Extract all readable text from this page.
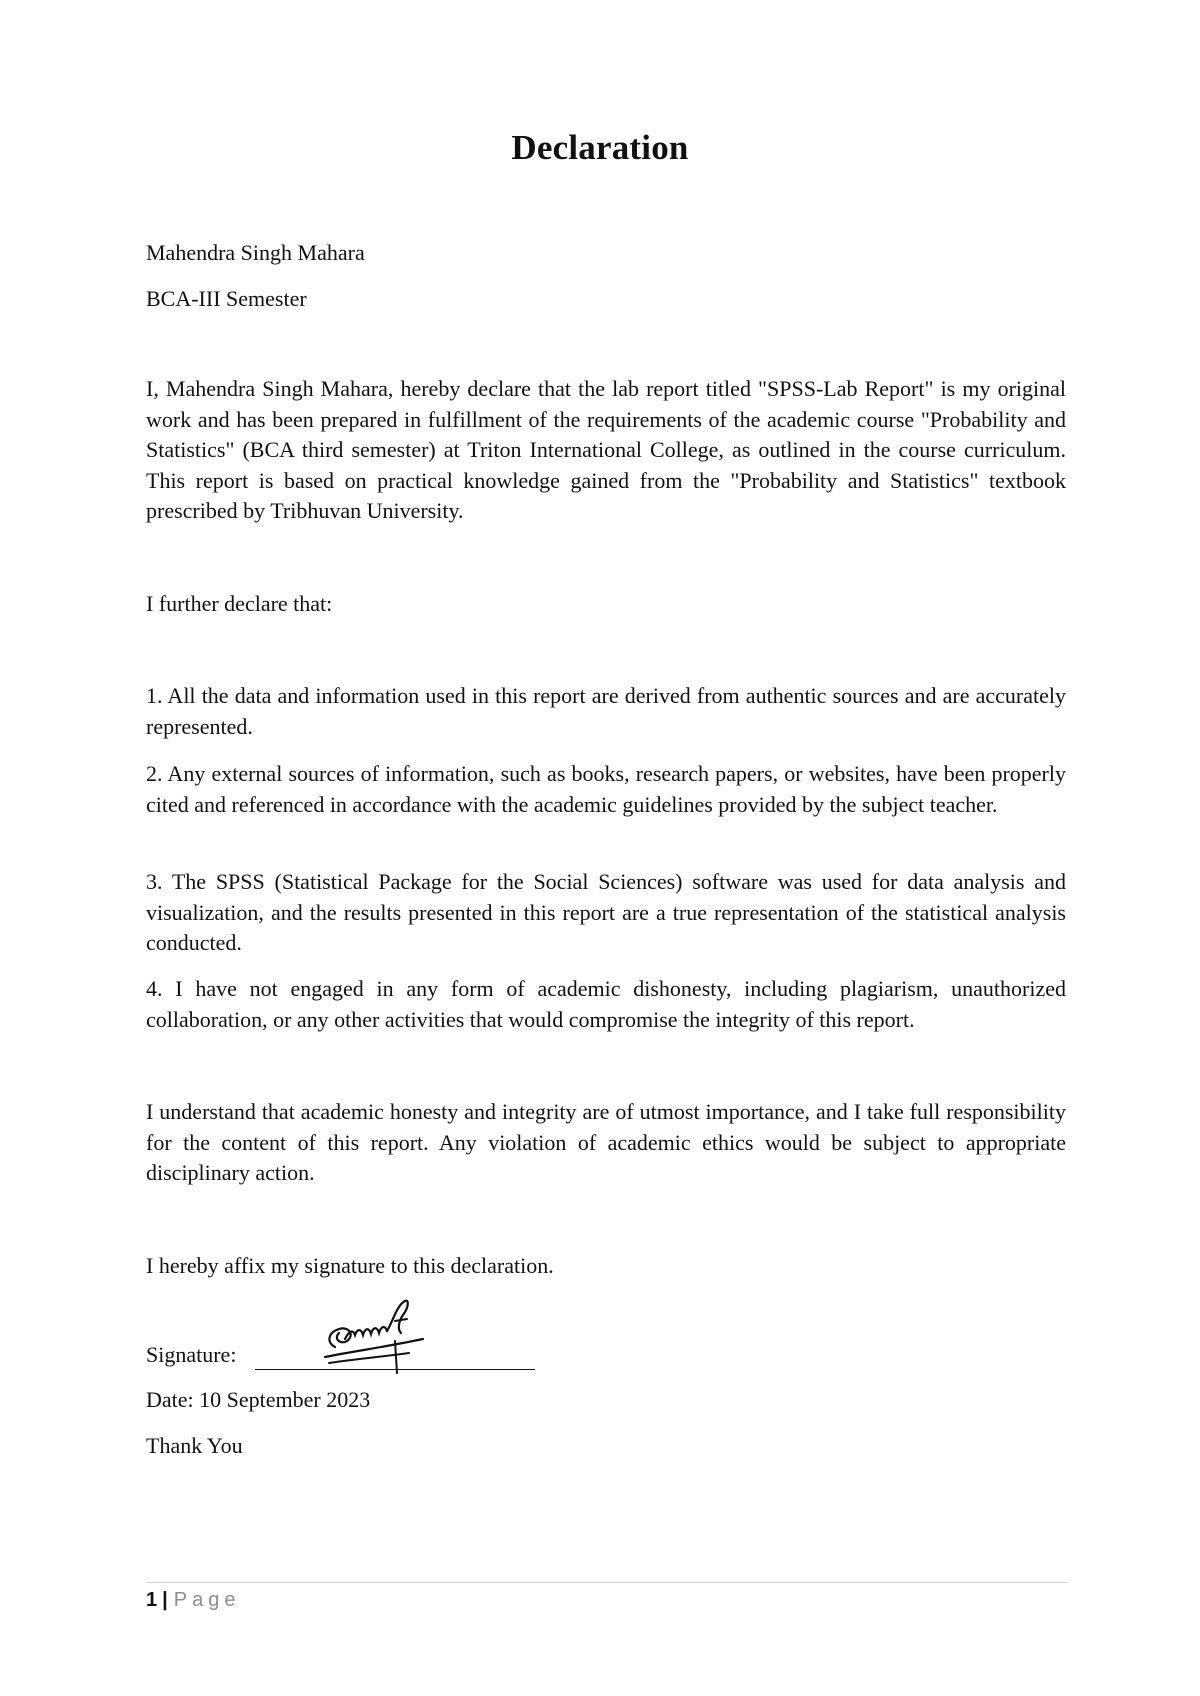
Declaration
Mahendra Singh Mahara
BCA-III Semester
I, Mahendra Singh Mahara, hereby declare that the lab report titled "SPSS-Lab Report" is my original work and has been prepared in fulfillment of the requirements of the academic course "Probability and Statistics" (BCA third semester) at Triton International College, as outlined in the course curriculum. This report is based on practical knowledge gained from the "Probability and Statistics" textbook prescribed by Tribhuvan University.
I further declare that:
1. All the data and information used in this report are derived from authentic sources and are accurately represented.
2. Any external sources of information, such as books, research papers, or websites, have been properly cited and referenced in accordance with the academic guidelines provided by the subject teacher.
3. The SPSS (Statistical Package for the Social Sciences) software was used for data analysis and visualization, and the results presented in this report are a true representation of the statistical analysis conducted.
4. I have not engaged in any form of academic dishonesty, including plagiarism, unauthorized collaboration, or any other activities that would compromise the integrity of this report.
I understand that academic honesty and integrity are of utmost importance, and I take full responsibility for the content of this report. Any violation of academic ethics would be subject to appropriate disciplinary action.
I hereby affix my signature to this declaration.
Signature:
Date: 10 September 2023
Thank You
1 | Page
